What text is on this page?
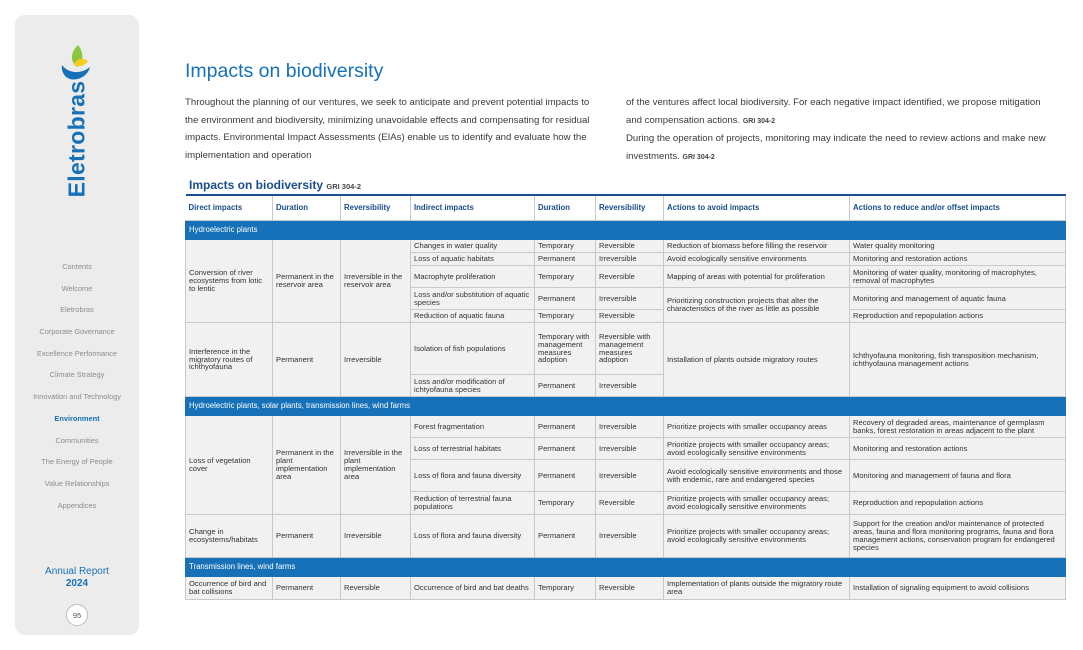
Eletrobras
Contents
Welcome
Eletrobras
Corporate Governance
Excellence Performance
Climate Strategy
Innovation and Technology
Environment
Communities
The Energy of People
Value Relationships
Appendices
Annual Report
2024
95
Impacts on biodiversity

Throughout the planning of our ventures, we seek to anticipate and prevent potential impacts to the environment and biodiversity, minimizing unavoidable effects and compensating for residual impacts. Environmental Impact Assessments (EIAs) enable us to identify and evaluate how the implementation and operation

of the ventures affect local biodiversity. For each negative impact identified, we propose mitigation and compensation actions. GRI 304-2
During the operation of projects, monitoring may indicate the need to review actions and make new investments. GRI 304-2

Impacts on biodiversity GRI 304-2
Direct impacts	Duration	Reversibility	Indirect impacts	Duration	Reversibility	Actions to avoid impacts	Actions to reduce and/or offset impacts
Hydroelectric plants							
Conversion of river ecosystems from lotic to lentic	Permanent in the reservoir area	Irreversible in the reservoir area	Changes in water quality	Temporary	Reversible	Reduction of biomass before filling the reservoir	Water quality monitoring
			Loss of aquatic habitats	Permanent	Irreversible	Avoid ecologically sensitive environments	Monitoring and restoration actions
			Macrophyte proliferation	Temporary	Reversible	Mapping of areas with potential for proliferation	Monitoring of water quality, monitoring of macrophytes, removal of macrophytes
			Loss and/or substitution of aquatic species	Permanent	Irreversible	Prioritizing construction projects that alter the characteristics of the river as little as possible	Monitoring and management of aquatic fauna
			Reduction of aquatic fauna	Temporary	Reversible		Reproduction and repopulation actions
Interference in the migratory routes of ichthyofauna	Permanent	Irreversible	Isolation of fish populations	Temporary with management measures adoption	Reversible with management measures adoption	Installation of plants outside migratory routes	Ichthyofauna monitoring, fish transposition mechanism, ichthyofauna management actions
			Loss and/or modification of ichtyofauna species	Permanent	Irreversible		
Hydroelectric plants, solar plants, transmission lines, wind farms							
Loss of vegetation cover	Permanent in the plant implementation area	Irreversible in the plant implementation area	Forest fragmentation	Permanent	Irreversible	Prioritize projects with smaller occupancy areas	Recovery of degraded areas, maintenance of germplasm banks, forest restoration in areas adjacent to the plant
			Loss of terrestrial habitats	Permanent	Irreversible	Prioritize projects with smaller occupancy areas; avoid ecologically sensitive environments	Monitoring and restoration actions
			Loss of flora and fauna diversity	Permanent	Irreversible	Avoid ecologically sensitive environments and those with endemic, rare and endangered species	Monitoring and management of fauna and flora
			Reduction of terrestrial fauna populations	Temporary	Reversible	Prioritize projects with smaller occupancy areas; avoid ecologically sensitive environments	Reproduction and repopulation actions
Change in ecosystems/habitats	Permanent	Irreversible	Loss of flora and fauna diversity	Permanent	Irreversible	Prioritize projects with smaller occupancy areas; avoid ecologically sensitive environments	Support for the creation and/or maintenance of protected areas, fauna and flora monitoring programs, fauna and flora management actions, conservation program for endangered species
Transmission lines, wind farms							
Occurrence of bird and bat collisions	Permanent	Reversible	Occurrence of bird and bat deaths	Temporary	Reversible	Implementation of plants outside the migratory route area	Installation of signaling equipment to avoid collisions
